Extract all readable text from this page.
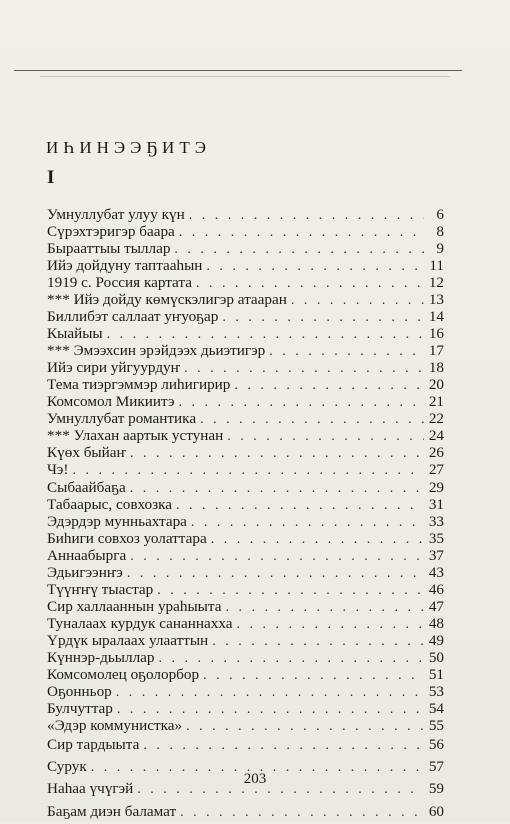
ИҺИНЭЭҔИТЭ
I
Умнуллубат улуу күн . . .	6
Сүрэхтэригэр баара . . .	8
Бырааттыы тыллар . . .	9
Ийэ дойдуну таптааһын . . .	11
1919 с. Россия картата . . .	12
*** Ийэ дойду көмүскэлигэр атааран . . .	13
Биллибэт саллаат уҥуоҕар . . .	14
Кыайыы . . .	16
*** Эмээхсин эрэйдээх дьиэтигэр . . .	17
Ийэ сири уйгуурдуҥ . . .	18
Тема тиэргэммэр лиһигирир . . .	20
Комсомол Микиитэ . . .	21
Умнуллубат романтика . . .	22
*** Улахан аартык устунан . . .	24
Күөх быйаҥ . . .	26
Чэ! . . .	27
Сыбаайбаҕа . . .	29
Табаарыс, совхозка . . .	31
Эдэрдэр мунньахтара . . .	33
Биһиги совхоз уолаттара . . .	35
Аннаабырга . . .	37
Эдьигээнҥэ . . .	43
Түүҥҥү тыастар . . .	46
Сир халлааннын ураһыыта . . .	47
Туналаах курдук сананнахха . . .	48
Үрдүк ыралаах улааттын . . .	49
Күннэр-дьыллар . . .	50
Комсомолец оҕолорбор . . .	51
Оҕонньор . . .	53
Булчуттар . . .	54
«Эдэр коммунистка» . . .	55
Сир тардыыта . . .	56
Сурук . . .	57
Наһаа үчүгэй . . .	59
Баҕам диэн баламат . . .	60

203
